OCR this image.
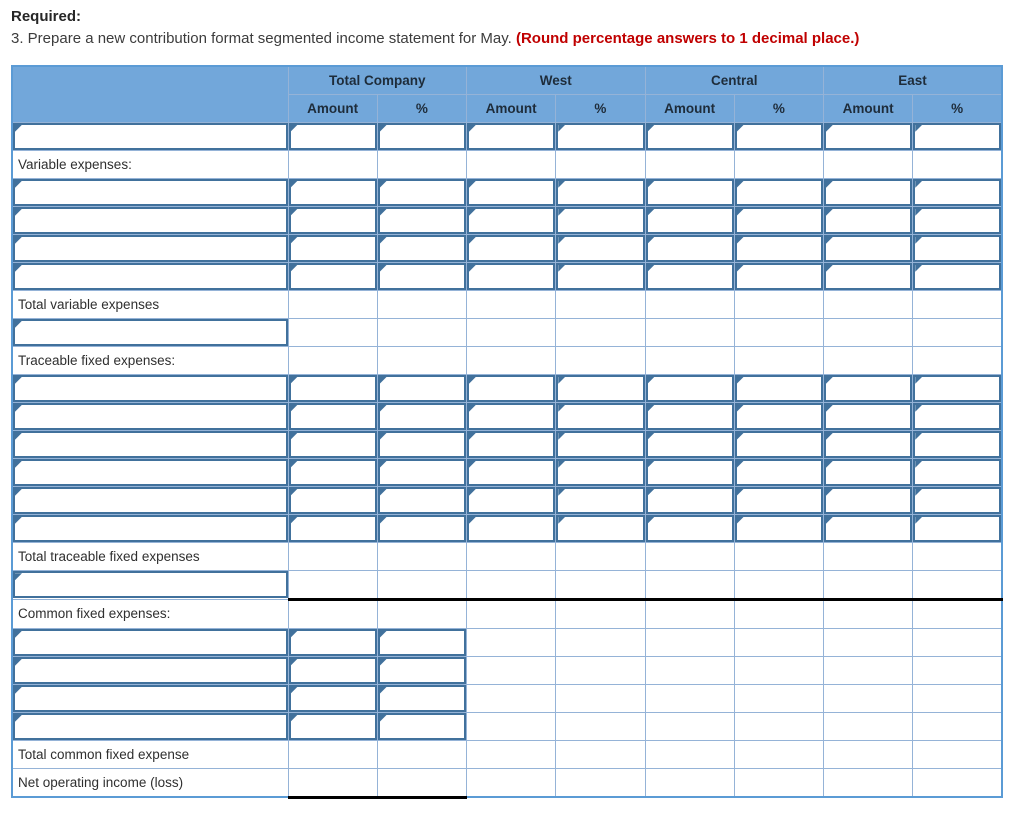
Required:
3. Prepare a new contribution format segmented income statement for May. (Round percentage answers to 1 decimal place.)
	Total Company		West		Central		East	
	Amount	%	Amount	%	Amount	%	Amount	%

Variable expenses:								

Total variable expenses								

Traceable fixed expenses:								

Total traceable fixed expenses								

Common fixed expenses:								

Total common fixed expense								
Net operating income (loss)								
